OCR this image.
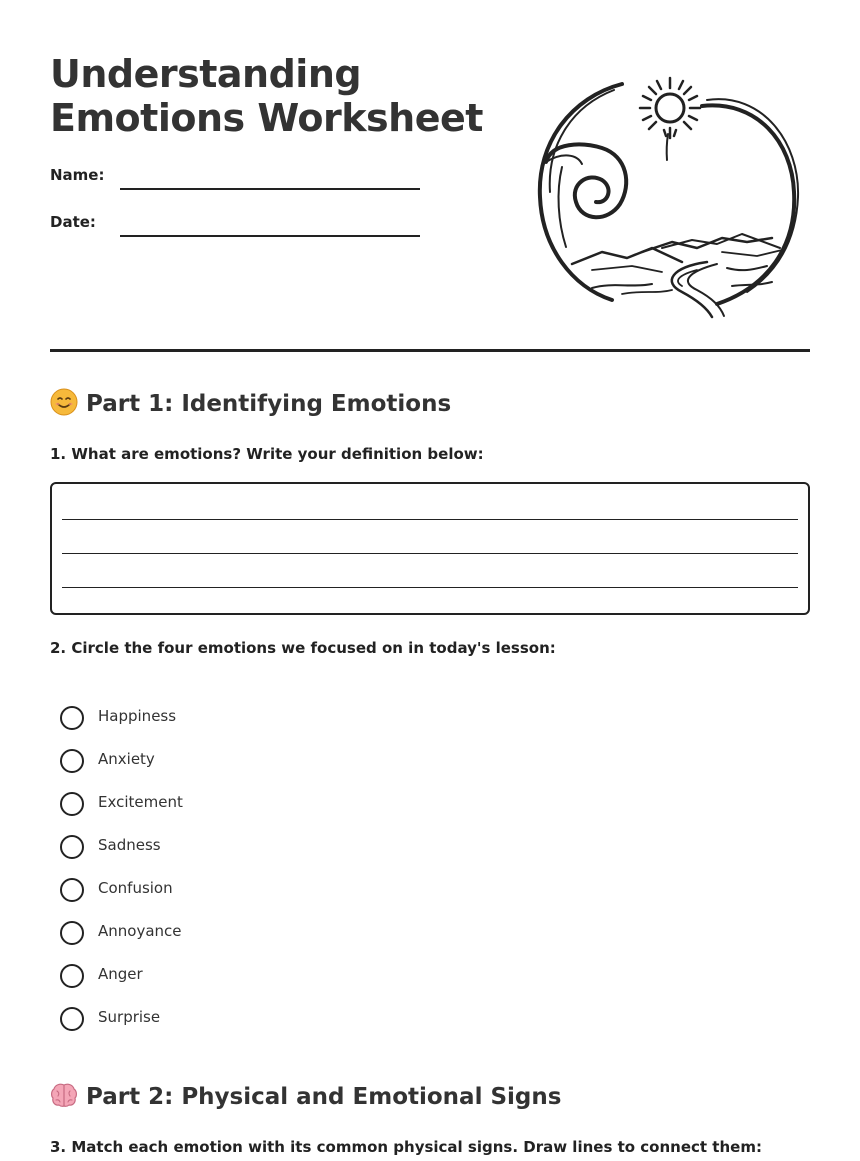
Understanding
Emotions Worksheet
Name:
Date:
Part 1: Identifying Emotions
1. What are emotions? Write your definition below:
2. Circle the four emotions we focused on in today's lesson:
Happiness
Anxiety
Excitement
Sadness
Confusion
Annoyance
Anger
Surprise
Part 2: Physical and Emotional Signs
3. Match each emotion with its common physical signs. Draw lines to connect them:
